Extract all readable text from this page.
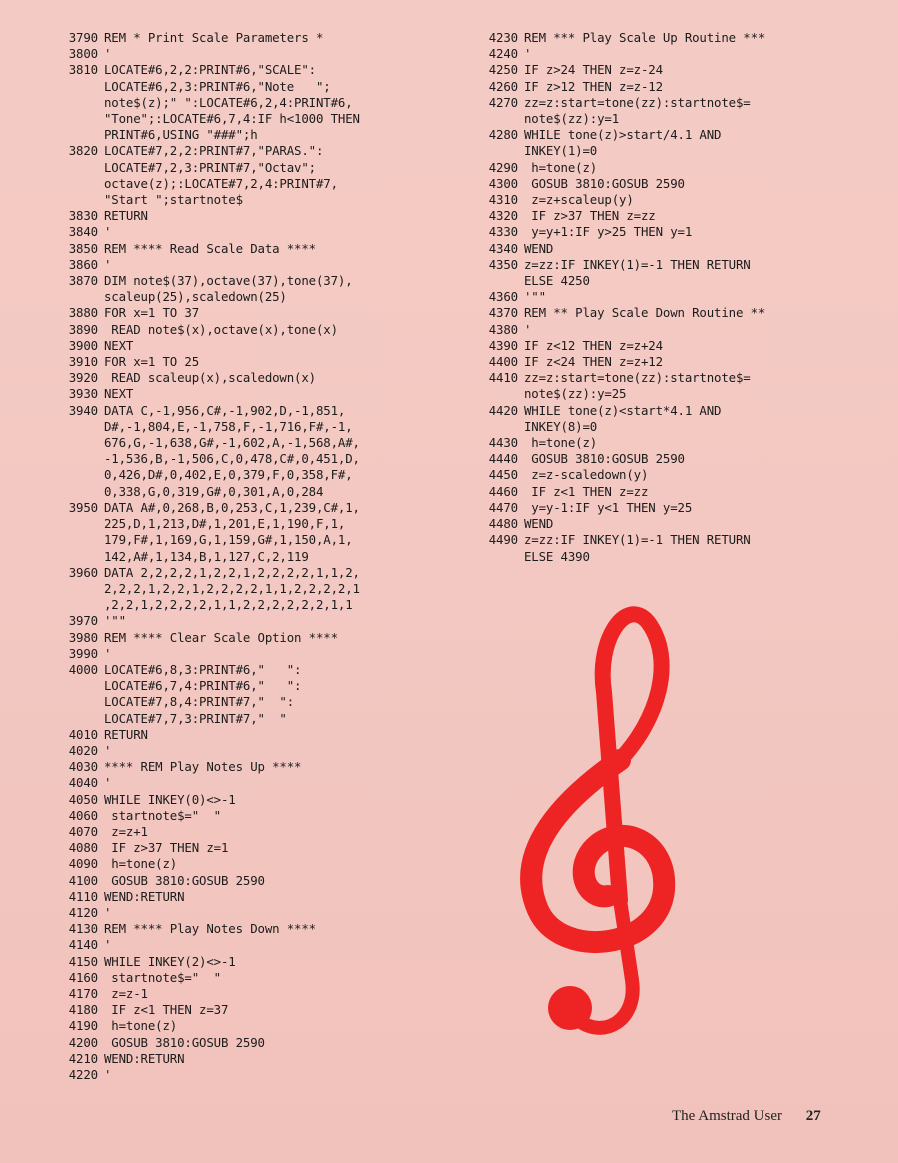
3790 REM * Print Scale Parameters *
3800 '
3810 LOCATE#6,2,2:PRINT#6,"SCALE":
LOCATE#6,2,3:PRINT#6,"Note   ";
note$(z);" ":LOCATE#6,2,4:PRINT#6,
"Tone";:LOCATE#6,7,4:IF h<1000 THEN
PRINT#6,USING "###";h
3820 LOCATE#7,2,2:PRINT#7,"PARAS.":
LOCATE#7,2,3:PRINT#7,"Octav";
octave(z);:LOCATE#7,2,4:PRINT#7,
"Start ";startnote$
3830 RETURN
3840 '
3850 REM **** Read Scale Data ****
3860 '
3870 DIM note$(37),octave(37),tone(37),
scaleup(25),scaledown(25)
3880 FOR x=1 TO 37
3890 READ note$(x),octave(x),tone(x)
3900 NEXT
3910 FOR x=1 TO 25
3920 READ scaleup(x),scaledown(x)
3930 NEXT
3940 DATA C,-1,956,C#,-1,902,D,-1,851,
D#,-1,804,E,-1,758,F,-1,716,F#,-1,
676,G,-1,638,G#,-1,602,A,-1,568,A#,
-1,536,B,-1,506,C,0,478,C#,0,451,D,
0,426,D#,0,402,E,0,379,F,0,358,F#,
0,338,G,0,319,G#,0,301,A,0,284
3950 DATA A#,0,268,B,0,253,C,1,239,C#,1,
225,D,1,213,D#,1,201,E,1,190,F,1,
179,F#,1,169,G,1,159,G#,1,150,A,1,
142,A#,1,134,B,1,127,C,2,119
3960 DATA 2,2,2,2,1,2,2,1,2,2,2,2,1,1,2,
2,2,2,1,2,2,1,2,2,2,2,1,1,2,2,2,2,1
,2,2,1,2,2,2,2,1,1,2,2,2,2,2,2,1,1
3970 '""
3980 REM **** Clear Scale Option ****
3990 '
4000 LOCATE#6,8,3:PRINT#6,"   ":
LOCATE#6,7,4:PRINT#6,"   ":
LOCATE#7,8,4:PRINT#7,"  ":
LOCATE#7,7,3:PRINT#7,"  "
4010 RETURN
4020 '
4030 **** REM Play Notes Up ****
4040 '
4050 WHILE INKEY(0)<>-1
4060 startnote$="  "
4070 z=z+1
4080 IF z>37 THEN z=1
4090 h=tone(z)
4100 GOSUB 3810:GOSUB 2590
4110 WEND:RETURN
4120 '
4130 REM **** Play Notes Down ****
4140 '
4150 WHILE INKEY(2)<>-1
4160 startnote$="  "
4170 z=z-1
4180 IF z<1 THEN z=37
4190 h=tone(z)
4200 GOSUB 3810:GOSUB 2590
4210 WEND:RETURN
4220 '
4230 REM *** Play Scale Up Routine ***
4240 '
4250 IF z>24 THEN z=z-24
4260 IF z>12 THEN z=z-12
4270 zz=z:start=tone(zz):startnote$=
note$(zz):y=1
4280 WHILE tone(z)>start/4.1 AND
INKEY(1)=0
4290 h=tone(z)
4300 GOSUB 3810:GOSUB 2590
4310 z=z+scaleup(y)
4320 IF z>37 THEN z=zz
4330 y=y+1:IF y>25 THEN y=1
4340 WEND
4350 z=zz:IF INKEY(1)=-1 THEN RETURN
ELSE 4250
4360 '""
4370 REM ** Play Scale Down Routine **
4380 '
4390 IF z<12 THEN z=z+24
4400 IF z<24 THEN z=z+12
4410 zz=z:start=tone(zz):startnote$=
note$(zz):y=25
4420 WHILE tone(z)<start*4.1 AND
INKEY(8)=0
4430 h=tone(z)
4440 GOSUB 3810:GOSUB 2590
4450 z=z-scaledown(y)
4460 IF z<1 THEN z=zz
4470 y=y-1:IF y<1 THEN y=25
4480 WEND
4490 z=zz:IF INKEY(1)=-1 THEN RETURN
ELSE 4390
The Amstrad User 27
